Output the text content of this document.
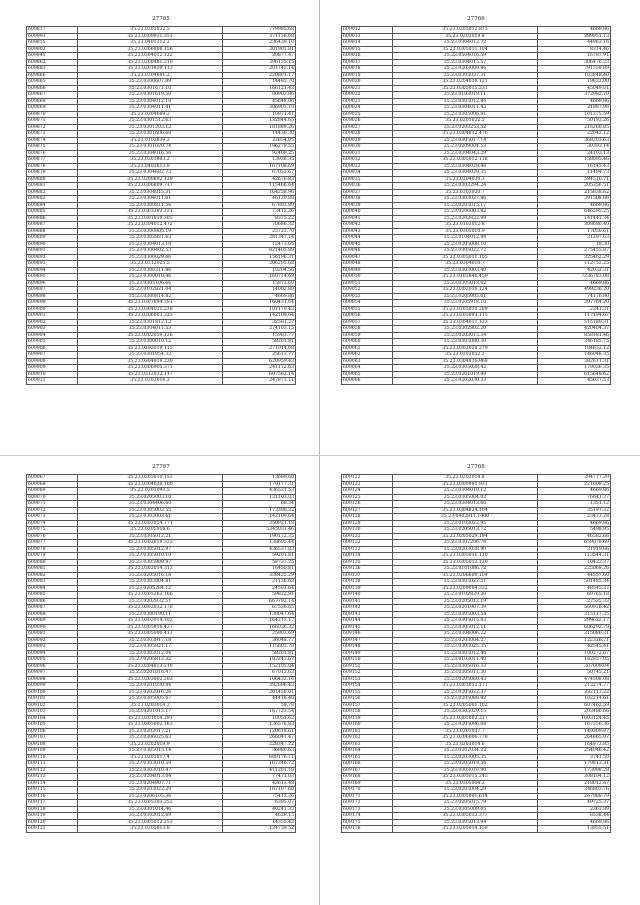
27765
609817	35.23.0305032.5	779985.68
609993	35.23.0309931.351	371156.68
609855	35.23.0401312.2	236439.10
609802	35.23.0306808.156	301901.81
609841	35.23.0304012.122	20877.47
609862	35.23.0200481.210	396135.15
609883	35.23.0201839.113	201742.14
609866	35.23.0304681.2	220801.17
609865	35.23.0300607.89	14485.70
609866	35.23.0301671.10	166121.43
609867	35.23.0301619.50	80903.86
609868	35.23.0304012.18	45648.06
609869	35.23.0304011.41	306905.10
609870	35.23.0304669.2	10971.41
609871	35.23.0301512.63	132844.65
609872	35.23.0301203.12	181889.26
609873	35.23.0301606.68	14430.30
609874	35.23.0102839.2	22854.05
609875	35.23.0301020.74	196279.55
609876	35.23.0304016.56	92409.25
609877	35.23.0301803.2	13936.35
609878	35.23.0403613.9	167108.69
609879	35.23.0304682.73	67052.67
609880	35.23.0300892.129	42676.83
609881	35.23.0306809.717	115466.64
609882	35.23.0304815.31	164258.96
609883	35.23.0304011.61	46120.89
609884	35.23.0300811.56	67893.89
609885	35.23.0303292.231	73412.26
609886	35.23.0301810.305	8375.22
609887	35.23.0304012.472	70686.32
609888	35.23.0300805.19	25723.70
609889	35.23.0302831.63	281347.14
609890	35.23.0304013.18	12473.65
609891	35.23.0300402.53	821405.89
609892	35.23.0306028.66	156196.31
609893	35.23.0312025.5	206295.68
609894	35.23.0300311.86	10204.56
609895	35.23.0300010.46	160714.69
609896	35.23.0305106.66	15873.60
609897	35.23.0102821.04	14002.89
609898	35.23.0300814.82	4669.86
609899	35.23.0307094.391	160431.64
609900	35.23.0304021.238	101170.43
609901	35.23.0306003.323	142109.64
609902	35.23.0301812.12	32501.27
609903	35.23.0304011.53	274103.15
609904	35.23.0302059.136	15983.77
609905	35.23.0300010.12	58201.81
609906	35.23.0292019.115	271014.68
609907	35.23.0301054.32	25613.77
609908	35.23.0304918.230	620959.43
609909	35.23.0306905.371	241172.63
609910	35.23.0312032.117	607562.14
609911	35.23.0302016.3	247873.11
27766
609012	35.23.0205012.875	4669.86
609013	35.23.0203019.8	289951.13
609014	35.23.0304012.72	44963.16
609015	35.23.0305011.104	8314.46
609016	35.23.0504016.59	16787.91
609017	35.23.0304015.57	306476.23
609018	35.23.0203009.86	791558.89
609019	35.23.0305037.31	103848.40
609020	35.23.0204016.121	19822.00
609021	35.23.0305015.231	45049.01
609022	35.23.0103019.11	372982.79
609023	35.23.0305012.86	4669.86
609024	35.23.0304011.43	21987.98
609025	35.23.0305006.81	101375.59
609026	35.23.0201022.5	50193.26
609027	35.23.0203253.52	216260.85
609028	35.23.0304812.476	22043.12
609029	35.23.0305017.14	368203.63
609030	35.23.0209004.53	39393.14
609031	35.23.0304043.29	24103.13
609032	35.23.0305012.118	158095.46
609033	35.23.0304029.48	16145.43
609034	35.23.0304029.35	11494.73
609035	35.23.0204030.3	594516.71
609036	35.23.0303294.24	205356.51
609037	35.23.0303020.7	215838.62
609038	35.23.0303027.86	391508.66
609039	35.23.0205015.17	4669.86
609040	35.23.0206003.82	646595.25
609041	35.23.0202832.99	141441.34
609042	35.23.0103012.8	308680.40
609043	35.23.0305010.9	17050.61
609044	35.23.0104012.98	31297.63
609045	35.23.0205008.10	19.30
609046	35.23.0305022.72	275455.87
609047	35.23.0305011.105	325462.29
609048	35.23.0304010.7	112752.25
609049	35.23.0303003.40	42032.31
609050	35.23.0103846.459	7236783.08
609051	35.23.0305013.62	4669.86
609052	35.23.0302016.124	499236.20
609053	35.23.0205005.61	74176.80
609054	35.23.0205918.10	397764.20
609055	35.23.0105010.209	2341.31
609056	35.23.0205093.115	117194.67
609057	35.23.0304011.123	515180.31
609058	35.23.0302802.20	420404.37
609059	35.23.0203015.34	858181.46
609060	35.23.0305080.30	346185.75
609061	35.23.0302020.279	184652.12
609062	35.23.0202052.2	146046.35
609063	35.23.0304816.968	382611.31
609064	35.23.0305038.42	179036.35
609065	35.23.0201019.89	615648.62
609066	35.23.0202030.33	45037.53
27767
609067	35.23.0205010.153	13689.60
609068	35.23.0304030.100	170177.31
609069	35.23.0303093.5	436531.53
609070	35.23.0205003.10	121103.03
609071	35.23.0304406.60	68.34
609072	35.23.0305002.55	173396.32
609073	35.23.0302003.61	142109.64
609074	35.23.0203054.771	350921.18
609075	35.23.0205916.6	5345031.46
609076	35.23.0305012.21	190172.35
609077	35.23.0302019.333	138695.44
609078	35.23.0305012.97	436537.83
609079	35.23.0305010.10	59201.81
609080	35.23.0305980.97	58737.25
609081	35.23.0302014.313	16450.81
609082	35.23.0205016.18	338425.29
609083	35.23.0302804.81	21136.63
609084	35.23.0205284.12	24501.64
609085	35.23.0205363.166	59822.81
609086	35.23.0202832.51	667793.14
609087	35.23.0302032.176	67536.65
609088	35.23.0300190.11	138047.64
609089	35.23.0302014.102	164213.17
609090	35.23.0305916.437	166036.32
609091	35.23.0305000.411	25903.69
609092	35.23.0303817.18	36048.77
609093	35.23.0305821.17	115603.78
609094	35.23.0303012.04	58201.81
609095	35.23.0205812.32	182243.67
609096	35.23.0204813.210	152105.04
609097	35.23.0201016.47	67013.63
609098	35.23.0203002.203	106432.16
609099	35.23.0201030.84	392896.43
609100	35.23.0202016.26	201450.01
609101	35.23.0305005.67	44416.40
609102	35.23.0203014.3	59.78
609103	35.23.0201013.17	167733.54
609104	35.23.0201054.291	10051.62
609105	35.23.0305002.163	136576.83
609106	35.23.0202017.21	120618.61
609107	35.23.0306025.63	266041.47
609108	35.23.0202019.9	228347.22
609109	35.23.0305015.14	36980.63
609110	35.23.0205017.4	609176.11
609111	35.23.0303010.59	167346.72
609112	35.23.0303010.47	411201.18
609113	35.23.0204013.04	77471.03
609114	35.23.0204807.71	43613.48
609115	35.23.0203022.29	167107.60
609116	35.23.0206105.36	75412.26
609117	35.23.0205303.252	6395.07
609118	35.23.0301014.46	40241.33
609119	35.23.0302012.69	4629.15
609120	35.23.0305012.253	14355.43
609121	35.23.0305013.0	124739.52
27768
609122	35.23.0202014.8	394777.29
609123	35.23.0300995.931	221608.25
609124	35.23.0304010.12	4669.86
609125	35.23.0305004.03	76641.37
609126	35.23.0304013.66	1351.12
609127	35.23.0304824.104	35197.32
609128	35.23.0402811.1400	23473.28
609129	35.23.0103022.95	4669.86
609130	35.23.0205013.72	5498.95
609131	35.23.0205029.194	46582.66
609132	35.23.0302206.78	659078.69
609133	35.23.0203038.90	31919.66
609134	35.23.0305011.130	113544.31
609135	35.23.0305012.120	10423.37
609136	35.23.0101086.72	225069.26
609137	35.23.0206600.104	44557.60
609138	35.23.0305022.51	501485.34
609139	35.23.0209004.332	48545.37
609140	35.23.0102829.30	60765.18
609141	35.23.0205012.19	27535.33
609142	35.23.0201907.39	560976.42
609143	35.23.0305003.54	315117.35
609144	35.23.0305015.83	299622.17
609145	35.23.0305012.11	606292.79
609146	35.23.0304006.22	315086.31
609147	35.23.0203004.27	122326.71
609148	35.23.0305025.35	42545.41
609149	35.23.0305012.46	100272.67
609150	35.23.0103011.40	182857.05
609151	35.23.0305016.33	307009.04
609152	35.23.0305011.30	50745.21
609153	35.23.0205060.43	474508.08
609154	35.23.0303052.171	213274.77
609155	35.23.0205022.37	232113.22
609156	35.23.0205088.82	102214.61
609157	35.23.0205001.102	607462.59
609158	35.23.0305029.15	203486.66
609159	35.23.0305002.217	1603124.45
609160	35.23.0205086.08	167356.36
609161	35.23.0205037.7	149309.87
609162	35.23.0206006.778	264865.07
609163	35.23.0203014.6	164973.85
609164	35.23.0202034.22	254046.42
609165	35.23.0203005.35	3741.50
609166	35.23.0205019.56	179813.31
609167	35.23.0303010.90	173998.28
609168	35.23.0305015.243	308104.12
609169	35.23.0305004.2	218012.67
609170	35.23.0205004.29	346803.76
609171	35.23.0305001.614	267988.79
609172	35.23.0205015.79	49725.37
609173	35.23.0305009.05	2363.89
609174	35.23.0305013.377	8538.44
609175	35.23.0305013.94	4669.86
609176	35.23.0205014.158	13955.51
